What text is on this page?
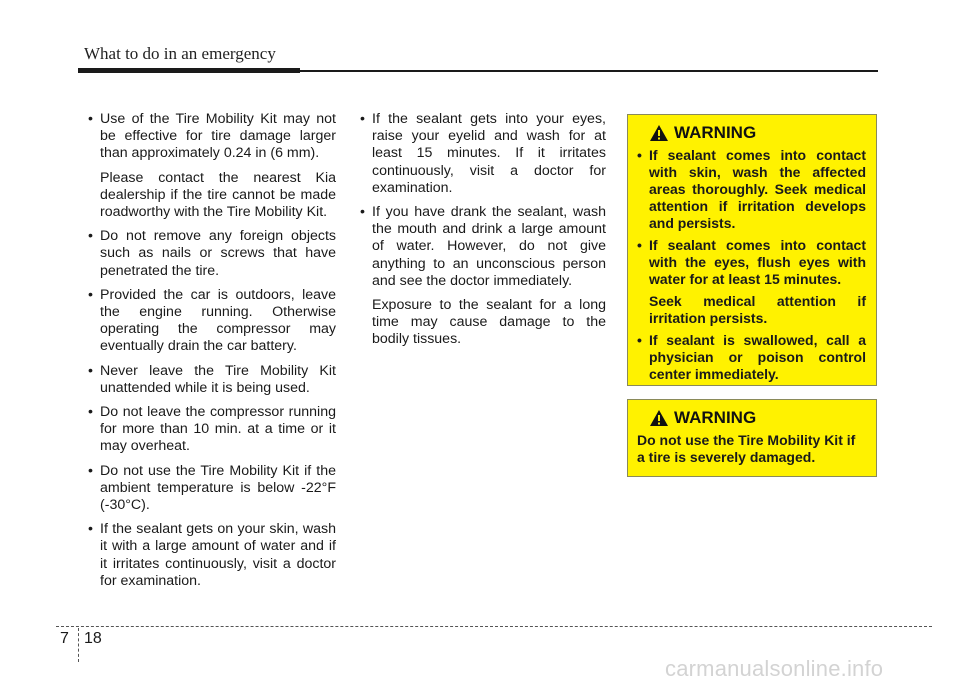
What to do in an emergency
• Use of the Tire Mobility Kit may not be effective for tire damage larger than approximately 0.24 in (6 mm).
Please contact the nearest Kia dealership if the tire cannot be made roadworthy with the Tire Mobility Kit.
• Do not remove any foreign objects such as nails or screws that have penetrated the tire.
• Provided the car is outdoors, leave the engine running. Otherwise operating the compressor may eventually drain the car battery.
• Never leave the Tire Mobility Kit unattended while it is being used.
• Do not leave the compressor running for more than 10 min. at a time or it may overheat.
• Do not use the Tire Mobility Kit if the ambient temperature is below -22°F (-30°C).
• If the sealant gets on your skin, wash it with a large amount of water and if it irritates continuously, visit a doctor for examination.
• If the sealant gets into your eyes, raise your eyelid and wash for at least 15 minutes. If it irritates continuously, visit a doctor for examination.
• If you have drank the sealant, wash the mouth and drink a large amount of water. However, do not give anything to an unconscious person and see the doctor immediately.
Exposure to the sealant for a long time may cause damage to the bodily tissues.
WARNING
• If sealant comes into contact with skin, wash the affected areas thoroughly. Seek medical attention if irritation develops and persists.
• If sealant comes into contact with the eyes, flush eyes with water for at least 15 minutes.
Seek medical attention if irritation persists.
• If sealant is swallowed, call a physician or poison control center immediately.
WARNING
Do not use the Tire Mobility Kit if a tire is severely damaged.
7 18
carmanualsonline.info
